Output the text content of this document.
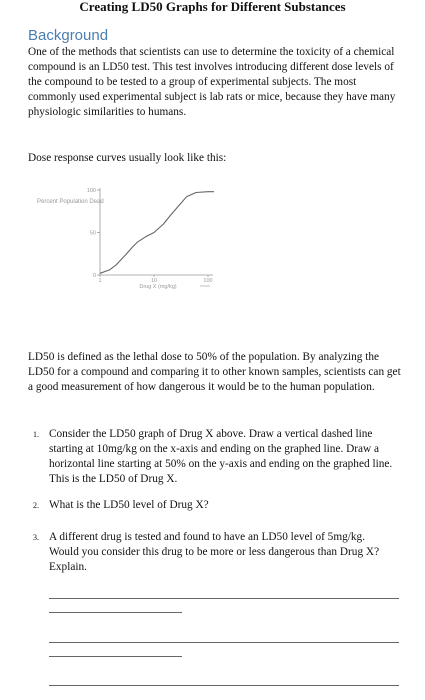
Creating LD50 Graphs for Different Substances
Background

One of the methods that scientists can use to determine the toxicity of a chemical compound is an LD50 test. This test involves introducing different dose levels of the compound to be tested to a group of experimental subjects. The most commonly used experimental subject is lab rats or mice, because they have many physiologic similarities to humans.

Dose response curves usually look like this:

Percent Population Dead
100
50
0
1	10	100
Drug X (mg/kg)

LD50 is defined as the lethal dose to 50% of the population. By analyzing the LD50 for a compound and comparing it to other known samples, scientists can get a good measurement of how dangerous it would be to the human population.

1. Consider the LD50 graph of Drug X above. Draw a vertical dashed line starting at 10mg/kg on the x-axis and ending on the graphed line. Draw a horizontal line starting at 50% on the y-axis and ending on the graphed line. This is the LD50 of Drug X.
2. What is the LD50 level of Drug X?
3. A different drug is tested and found to have an LD50 level of 5mg/kg. Would you consider this drug to be more or less dangerous than Drug X? Explain.
